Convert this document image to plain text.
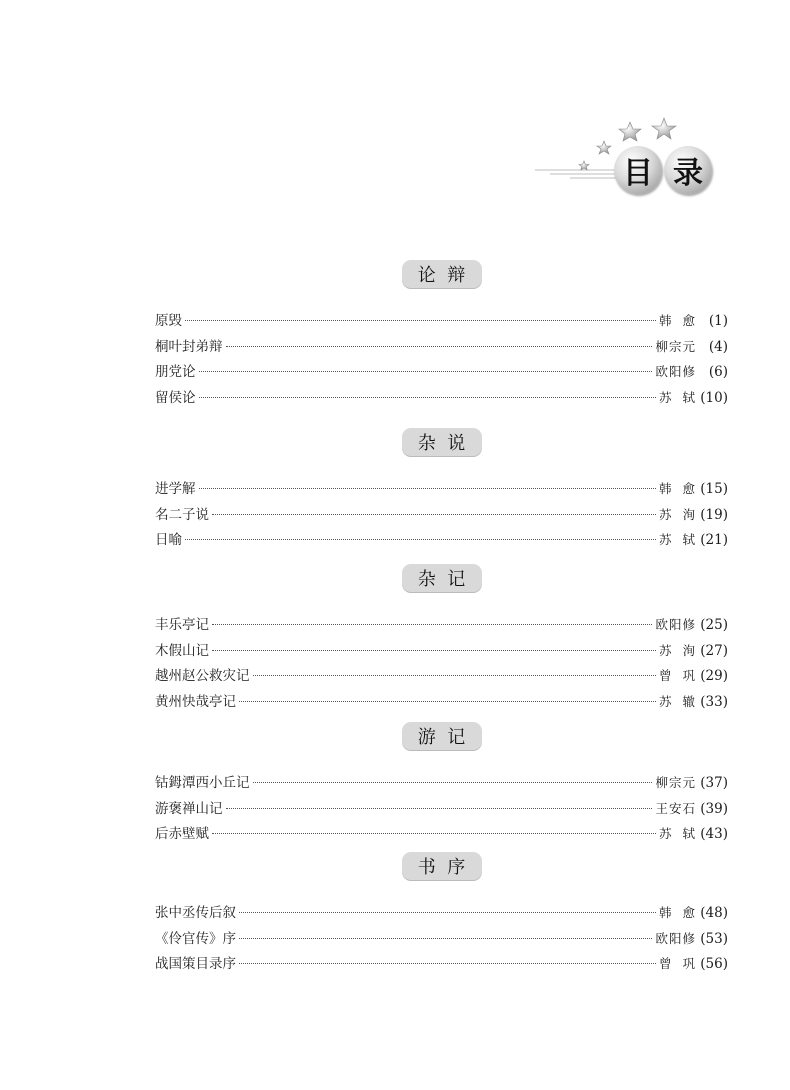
目 录
论  辩
原毁	韩  愈 (1)
桐叶封弟辩	柳宗元 (4)
朋党论	欧阳修 (6)
留侯论	苏  轼 (10)
杂  说
进学解	韩  愈 (15)
名二子说	苏  洵 (19)
日喻	苏  轼 (21)
杂  记
丰乐亭记	欧阳修 (25)
木假山记	苏  洵 (27)
越州赵公救灾记	曾  巩 (29)
黄州快哉亭记	苏  辙 (33)
游  记
钴鉧潭西小丘记	柳宗元 (37)
游褒禅山记	王安石 (39)
后赤壁赋	苏  轼 (43)
书  序
张中丞传后叙	韩  愈 (48)
《伶官传》序	欧阳修 (53)
战国策目录序	曾  巩 (56)
